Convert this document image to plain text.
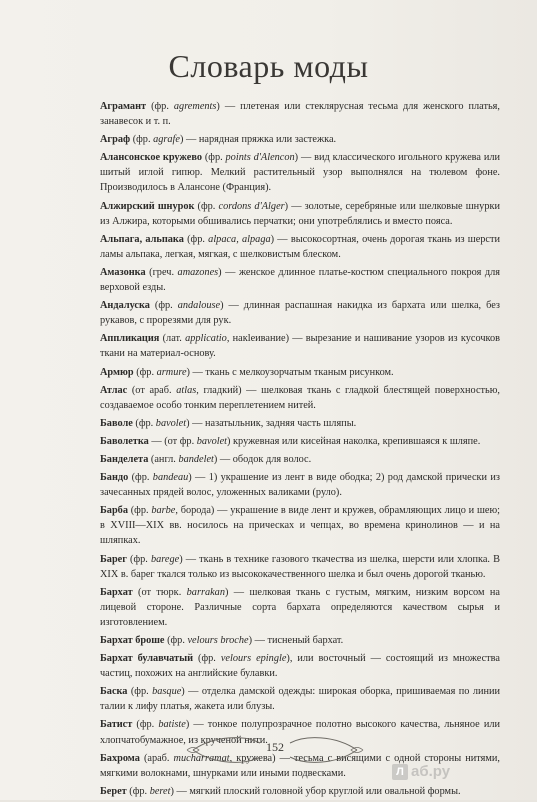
Словарь моды

Аграмант (фр. agrements) — плетеная или стеклярусная тесьма для женского платья, занавесок и т. п.

Аграф (фр. agrafe) — нарядная пряжка или застежка.

Алансонское кружево (фр. points d'Alencon) — вид классического игольного кружева или шитый иглой гипюр. Мелкий растительный узор выполнялся на тюлевом фоне. Производилось в Алансоне (Франция).

Алжирский шнурок (фр. cordons d'Alger) — золотые, серебряные или шелковые шнурки из Алжира, которыми обшивались перчатки; они употреблялись и вместо пояса.

Альпага, альпака (фр. alpaca, alpaga) — высокосортная, очень дорогая ткань из шерсти ламы альпака, легкая, мягкая, с шелковистым блеском.

Амазонка (греч. amazones) — женское длинное платье-костюм специального покроя для верховой езды.

Андалуска (фр. andalouse) — длинная распашная накидка из бархата или шелка, без рукавов, с прорезями для рук.

Аппликация (лат. applicatio, накleивание) — вырезание и нашивание узоров из кусочков ткани на материал-основу.

Армюр (фр. armure) — ткань с мелкоузорчатым тканым рисунком.

Атлас (от араб. atlas, гладкий) — шелковая ткань с гладкой блестящей поверхностью, создаваемое особо тонким переплетением нитей.

Баволе (фр. bavolet) — назатыльник, задняя часть шляпы.

Баволетка — (от фр. bavolet) кружевная или кисейная наколка, крепившаяся к шляпе.

Банделета (англ. bandelet) — ободок для волос.

Бандо (фр. bandeau) — 1) украшение из лент в виде ободка; 2) род дамской прически из зачесанных прядей волос, уложенных валиками (руло).

Барба (фр. barbe, борода) — украшение в виде лент и кружев, обрамляющих лицо и шею; в XVIII—XIX вв. носилось на прическах и чепцах, во времена кринолинов — и на шляпках.

Барег (фр. barege) — ткань в технике газового ткачества из шелка, шерсти или хлопка. В XIX в. барег ткался только из высококачественного шелка и был очень дорогой тканью.

Бархат (от тюрк. barrakan) — шелковая ткань с густым, мягким, низким ворсом на лицевой стороне. Различные сорта бархата определяются качеством сырья и изготовлением.

Бархат броше (фр. velours broche) — тисненый бархат.

Бархат булавчатый (фр. velours epingle), или восточный — состоящий из множества частиц, похожих на английские булавки.

Баска (фр. basque) — отделка дамской одежды: широкая оборка, пришиваемая по линии талии к лифу платья, жакета или блузы.

Батист (фр. batiste) — тонкое полупрозрачное полотно высокого качества, льняное или хлопчатобумажное, из крученой нити.

Бахрома (араб. mucharramat, кружева) — тесьма с висящими с одной стороны нитями, мягкими волокнами, шнурками или иными подвесками.

Берет (фр. beret) — мягкий плоский головной убор круглой или овальной формы.

152
Л аб.ру
